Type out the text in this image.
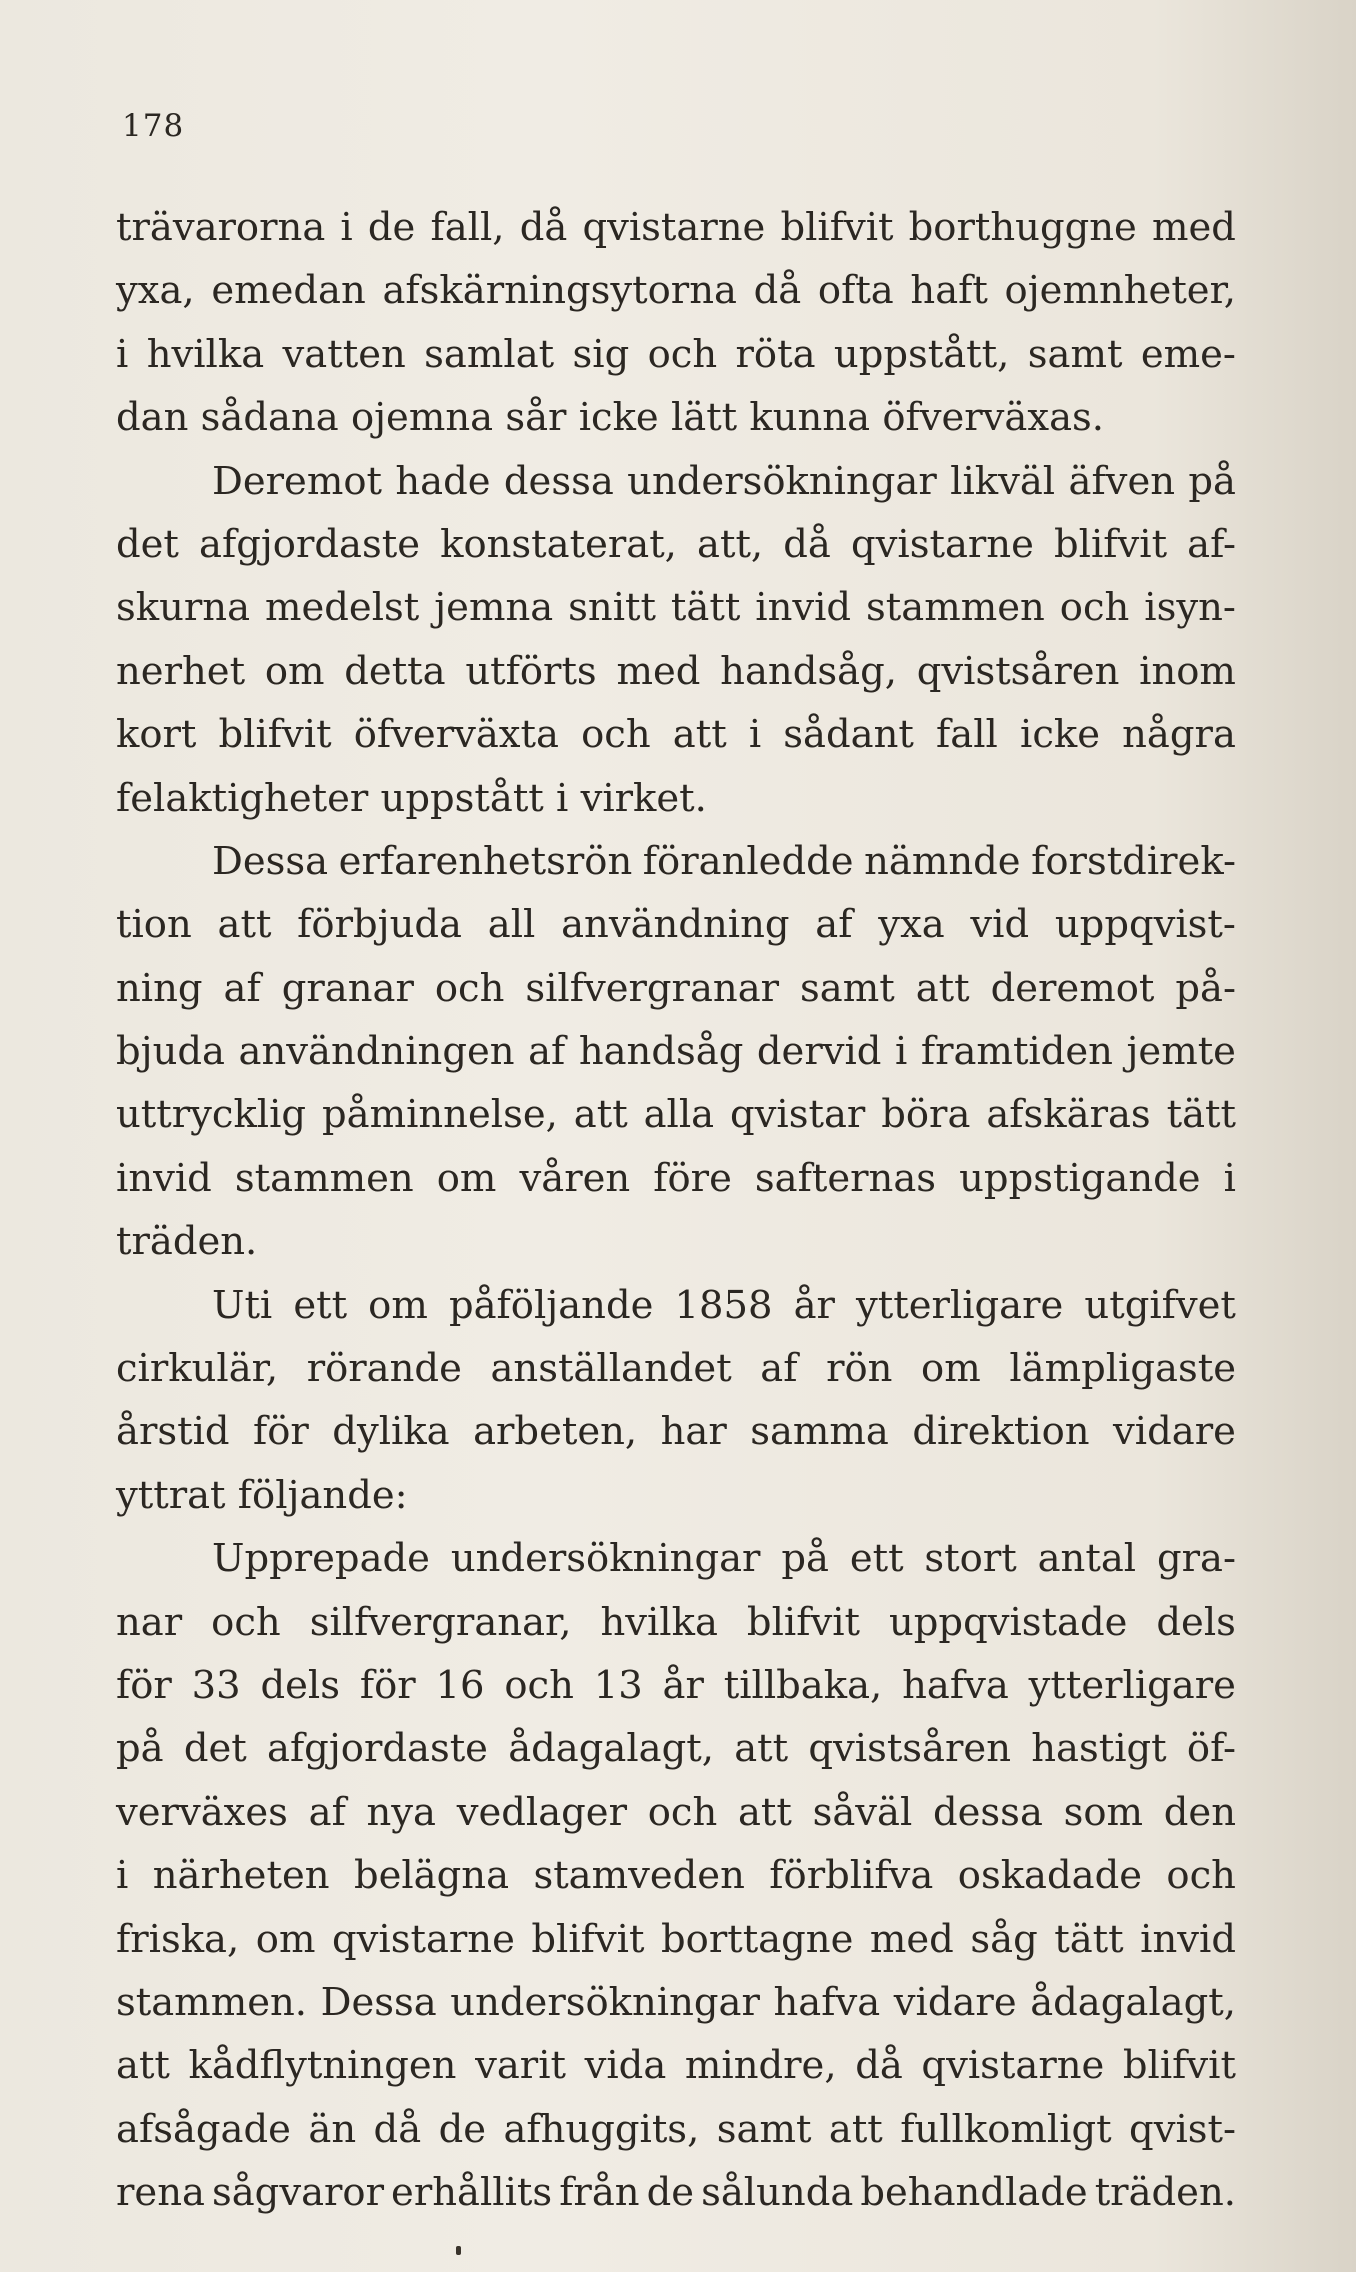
178
trävarorna i de fall, då qvistarne blifvit borthuggne med
yxa, emedan afskärningsytorna då ofta haft ojemnheter,
i hvilka vatten samlat sig och röta uppstått, samt eme-
dan sådana ojemna sår icke lätt kunna öfverväxas.
Deremot hade dessa undersökningar likväl äfven på
det afgjordaste konstaterat, att, då qvistarne blifvit af-
skurna medelst jemna snitt tätt invid stammen och isyn-
nerhet om detta utförts med handsåg, qvistsåren inom
kort blifvit öfverväxta och att i sådant fall icke några
felaktigheter uppstått i virket.
Dessa erfarenhetsrön föranledde nämnde forstdirek-
tion att förbjuda all användning af yxa vid uppqvist-
ning af granar och silfvergranar samt att deremot på-
bjuda användningen af handsåg dervid i framtiden jemte
uttrycklig påminnelse, att alla qvistar böra afskäras tätt
invid stammen om våren före safternas uppstigande i
träden.
Uti ett om påföljande 1858 år ytterligare utgifvet
cirkulär, rörande anställandet af rön om lämpligaste
årstid för dylika arbeten, har samma direktion vidare
yttrat följande:
Upprepade undersökningar på ett stort antal gra-
nar och silfvergranar, hvilka blifvit uppqvistade dels
för 33 dels för 16 och 13 år tillbaka, hafva ytterligare
på det afgjordaste ådagalagt, att qvistsåren hastigt öf-
verväxes af nya vedlager och att såväl dessa som den
i närheten belägna stamveden förblifva oskadade och
friska, om qvistarne blifvit borttagne med såg tätt invid
stammen. Dessa undersökningar hafva vidare ådagalagt,
att kådflytningen varit vida mindre, då qvistarne blifvit
afsågade än då de afhuggits, samt att fullkomligt qvist-
rena sågvaror erhållits från de sålunda behandlade träden.
